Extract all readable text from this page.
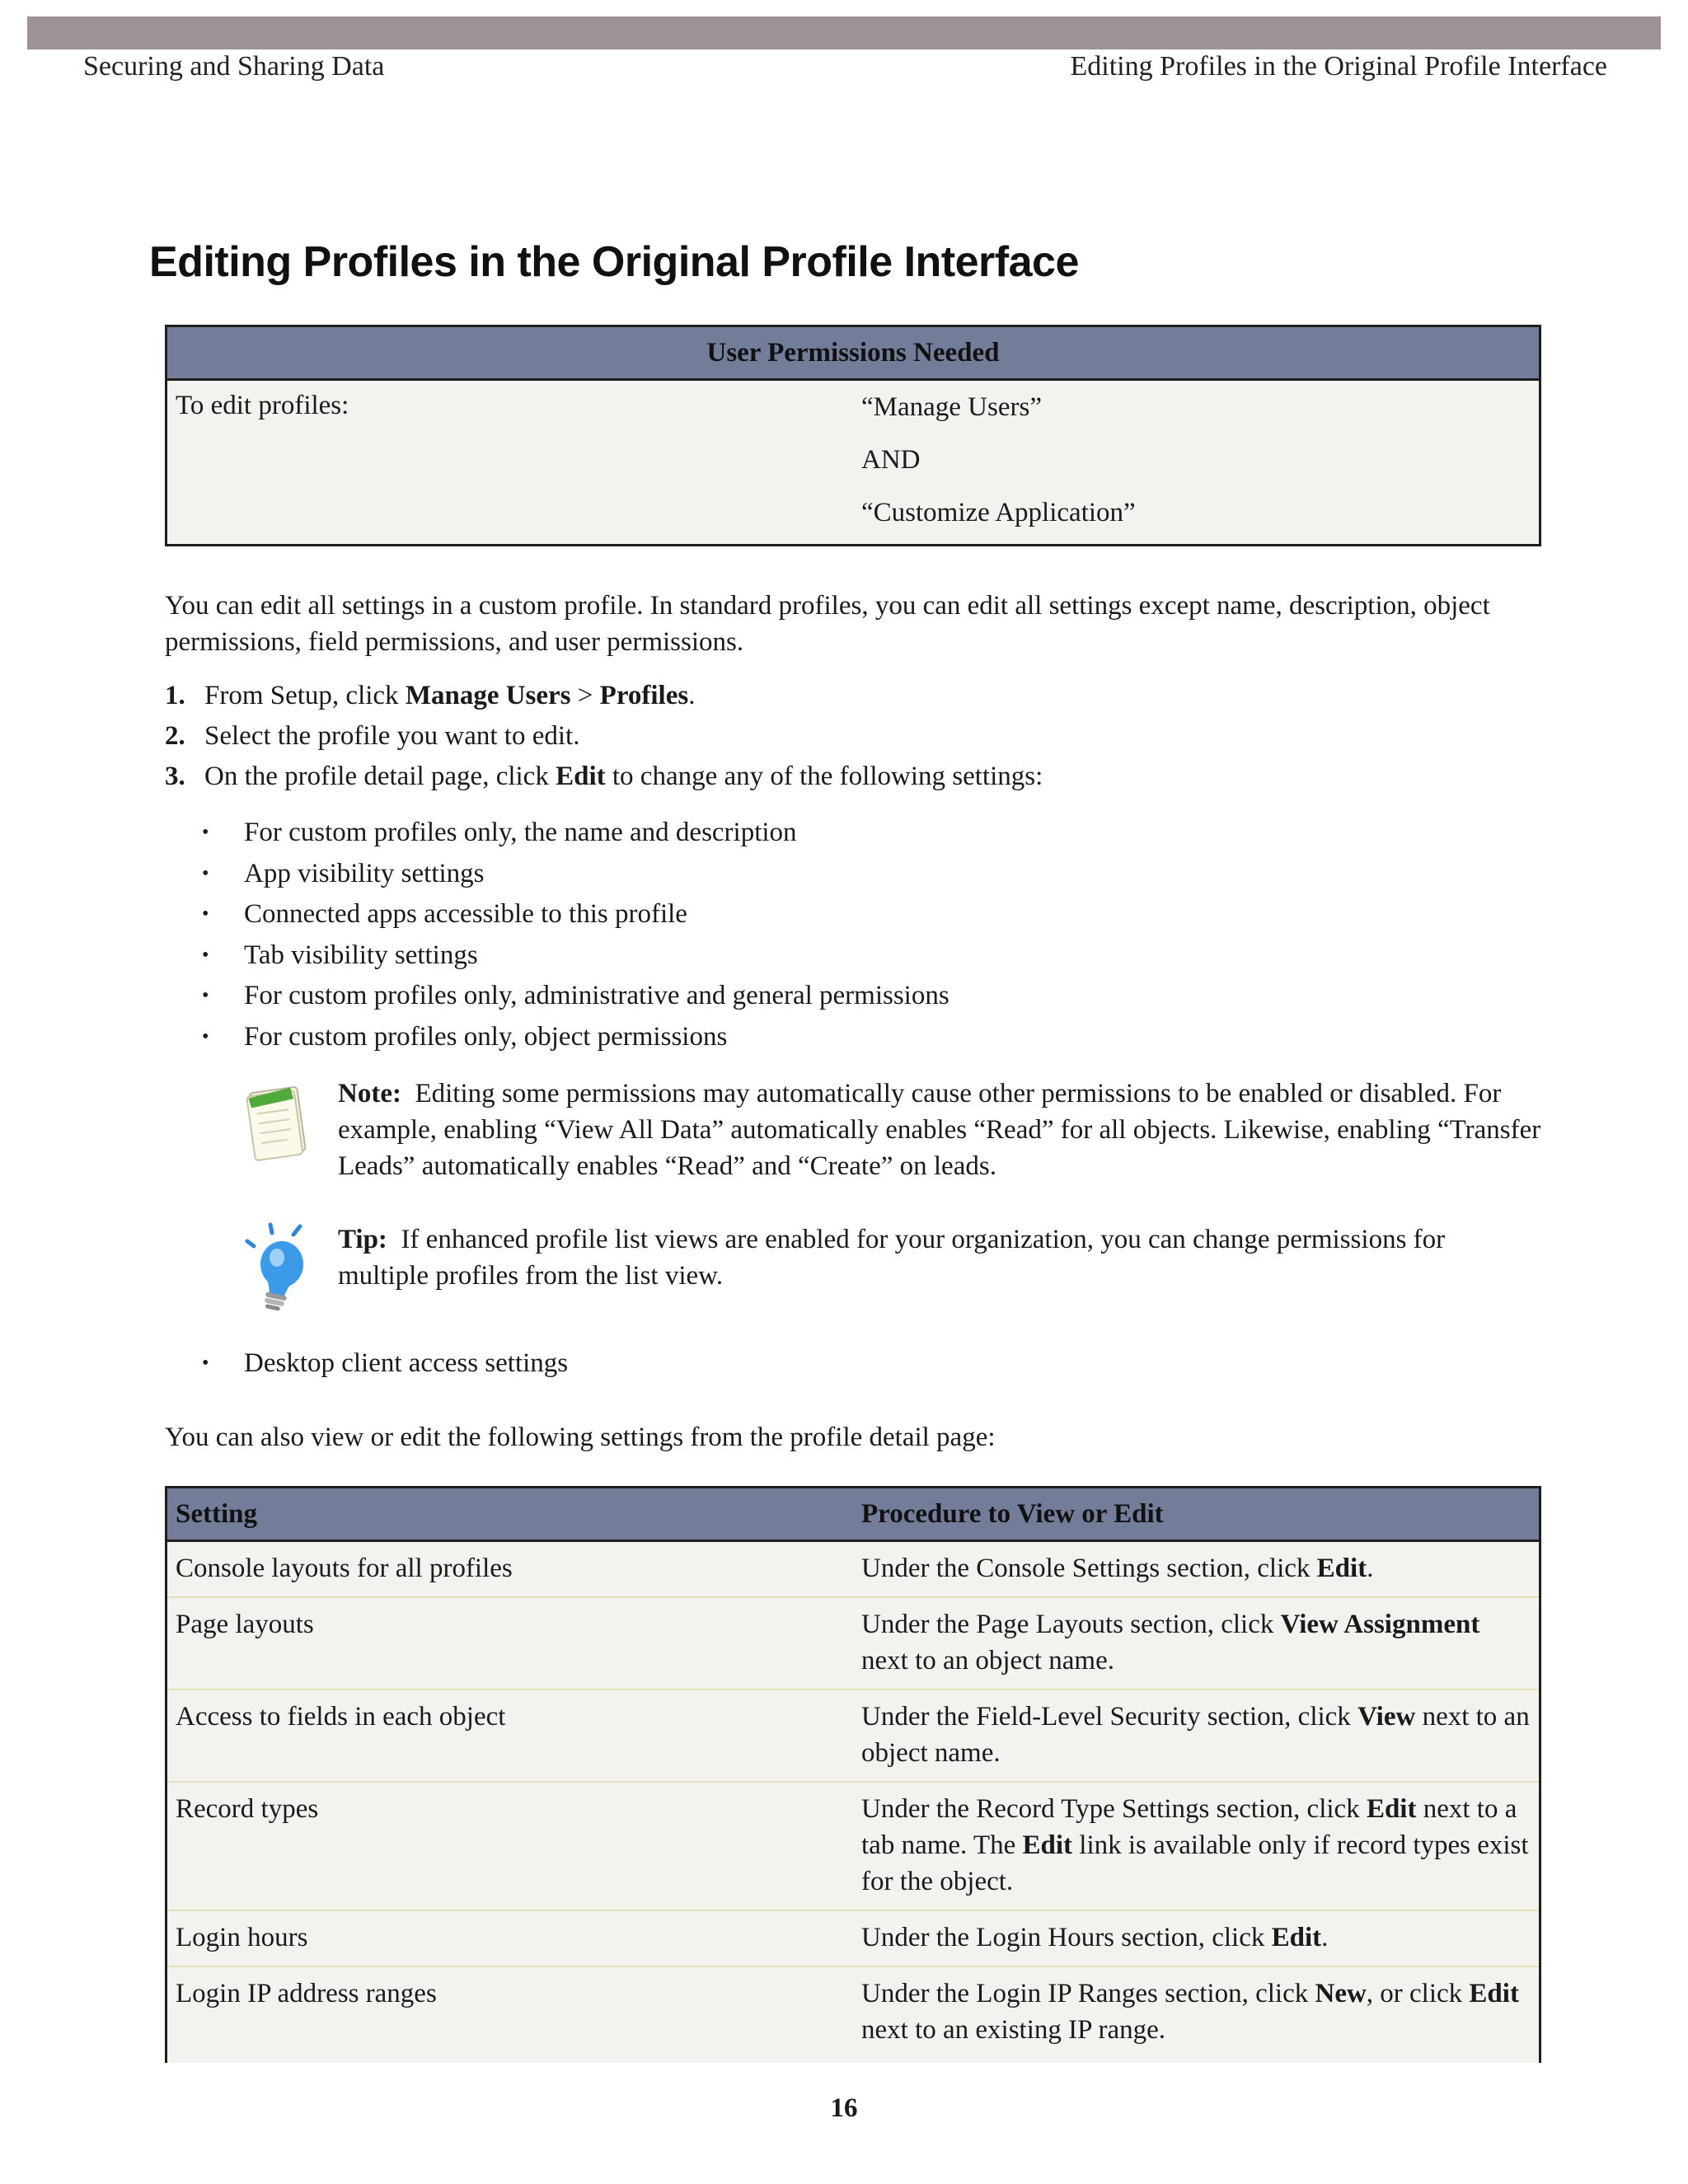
Securing and Sharing Data	Editing Profiles in the Original Profile Interface
Editing Profiles in the Original Profile Interface
User Permissions Needed
To edit profiles:	“Manage Users”
AND
“Customize Application”
You can edit all settings in a custom profile. In standard profiles, you can edit all settings except name, description, object permissions, field permissions, and user permissions.
1. From Setup, click Manage Users > Profiles.
2. Select the profile you want to edit.
3. On the profile detail page, click Edit to change any of the following settings:
• For custom profiles only, the name and description
• App visibility settings
• Connected apps accessible to this profile
• Tab visibility settings
• For custom profiles only, administrative and general permissions
• For custom profiles only, object permissions
Note: Editing some permissions may automatically cause other permissions to be enabled or disabled. For example, enabling “View All Data” automatically enables “Read” for all objects. Likewise, enabling “Transfer Leads” automatically enables “Read” and “Create” on leads.
Tip: If enhanced profile list views are enabled for your organization, you can change permissions for multiple profiles from the list view.
• Desktop client access settings
You can also view or edit the following settings from the profile detail page:
Setting	Procedure to View or Edit
Console layouts for all profiles	Under the Console Settings section, click Edit.
Page layouts	Under the Page Layouts section, click View Assignment next to an object name.
Access to fields in each object	Under the Field-Level Security section, click View next to an object name.
Record types	Under the Record Type Settings section, click Edit next to a tab name. The Edit link is available only if record types exist for the object.
Login hours	Under the Login Hours section, click Edit.
Login IP address ranges	Under the Login IP Ranges section, click New, or click Edit next to an existing IP range.
16
